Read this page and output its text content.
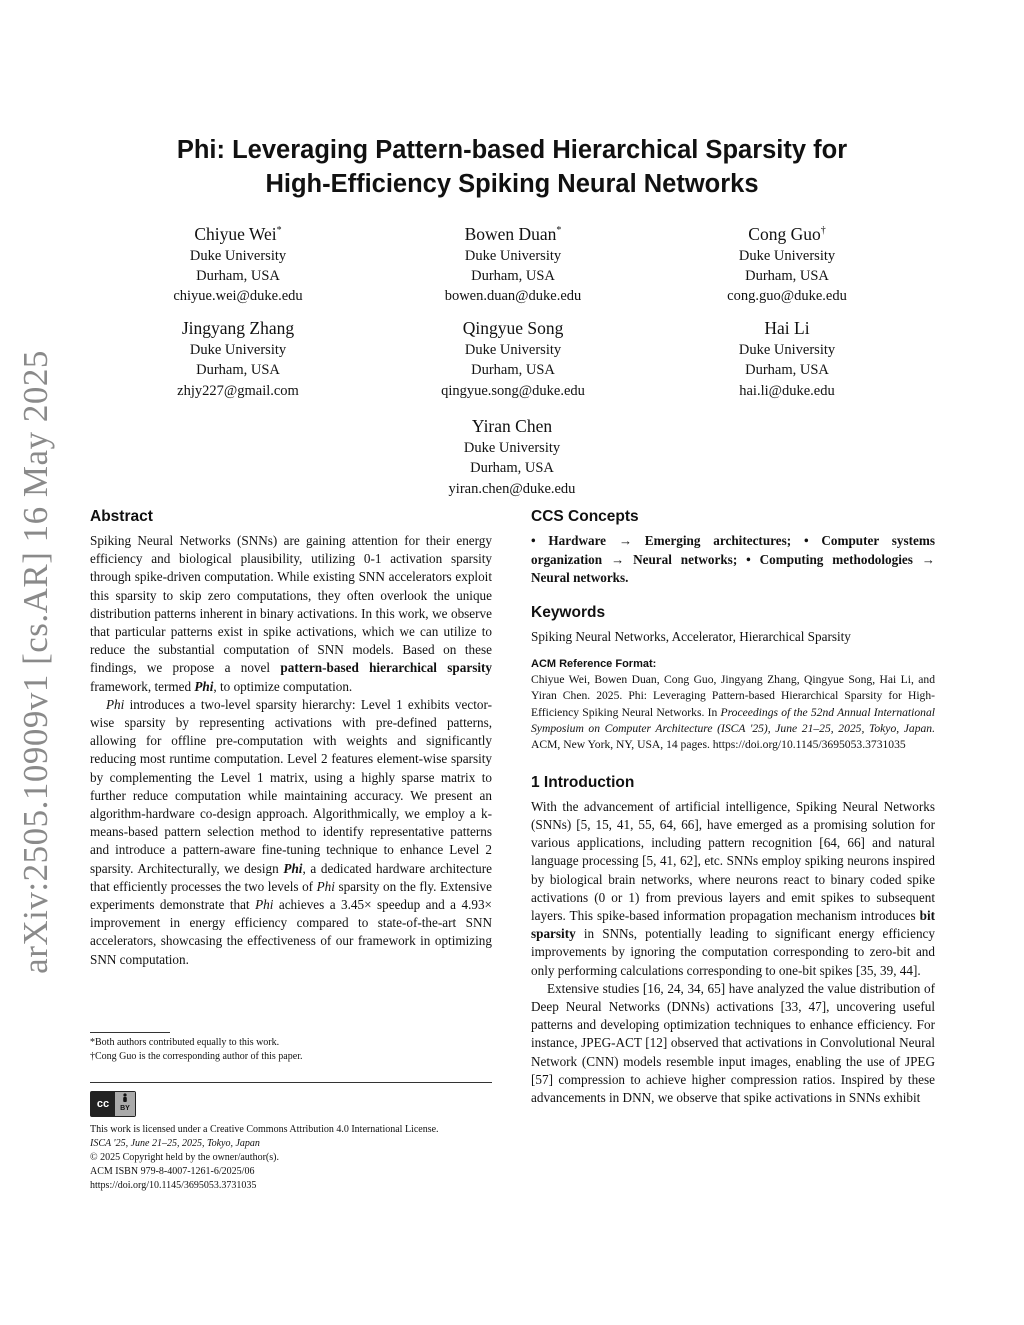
arXiv:2505.10909v1 [cs.AR] 16 May 2025
Phi: Leveraging Pattern-based Hierarchical Sparsity for
High-Efficiency Spiking Neural Networks
Chiyue Wei*
Duke University
Durham, USA
chiyue.wei@duke.edu
Bowen Duan*
Duke University
Durham, USA
bowen.duan@duke.edu
Cong Guo†
Duke University
Durham, USA
cong.guo@duke.edu
Jingyang Zhang
Duke University
Durham, USA
zhjy227@gmail.com
Qingyue Song
Duke University
Durham, USA
qingyue.song@duke.edu
Hai Li
Duke University
Durham, USA
hai.li@duke.edu
Yiran Chen
Duke University
Durham, USA
yiran.chen@duke.edu
Abstract

Spiking Neural Networks (SNNs) are gaining attention for their energy efficiency and biological plausibility, utilizing 0-1 activation sparsity through spike-driven computation. While existing SNN accelerators exploit this sparsity to skip zero computations, they often overlook the unique distribution patterns inherent in binary activations. In this work, we observe that particular patterns exist in spike activations, which we can utilize to reduce the substantial computation of SNN models. Based on these findings, we propose a novel pattern-based hierarchical sparsity framework, termed Phi, to optimize computation.

Phi introduces a two-level sparsity hierarchy: Level 1 exhibits vector-wise sparsity by representing activations with pre-defined patterns, allowing for offline pre-computation with weights and significantly reducing most runtime computation. Level 2 features element-wise sparsity by complementing the Level 1 matrix, using a highly sparse matrix to further reduce computation while maintaining accuracy. We present an algorithm-hardware co-design approach. Algorithmically, we employ a k-means-based pattern selection method to identify representative patterns and introduce a pattern-aware fine-tuning technique to enhance Level 2 sparsity. Architecturally, we design Phi, a dedicated hardware architecture that efficiently processes the two levels of Phi sparsity on the fly. Extensive experiments demonstrate that Phi achieves a 3.45× speedup and a 4.93× improvement in energy efficiency compared to state-of-the-art SNN accelerators, showcasing the effectiveness of our framework in optimizing SNN computation.

*Both authors contributed equally to this work.
†Cong Guo is the corresponding author of this paper.
cc BY
This work is licensed under a Creative Commons Attribution 4.0 International License.
ISCA '25, June 21–25, 2025, Tokyo, Japan
© 2025 Copyright held by the owner/author(s).
ACM ISBN 979-8-4007-1261-6/2025/06
https://doi.org/10.1145/3695053.3731035
CCS Concepts

• Hardware → Emerging architectures; • Computer systems organization → Neural networks; • Computing methodologies → Neural networks.

Keywords

Spiking Neural Networks, Accelerator, Hierarchical Sparsity

ACM Reference Format:

Chiyue Wei, Bowen Duan, Cong Guo, Jingyang Zhang, Qingyue Song, Hai Li, and Yiran Chen. 2025. Phi: Leveraging Pattern-based Hierarchical Sparsity for High-Efficiency Spiking Neural Networks. In Proceedings of the 52nd Annual International Symposium on Computer Architecture (ISCA '25), June 21–25, 2025, Tokyo, Japan. ACM, New York, NY, USA, 14 pages. https://doi.org/10.1145/3695053.3731035

1 Introduction

With the advancement of artificial intelligence, Spiking Neural Networks (SNNs) [5, 15, 41, 55, 64, 66], have emerged as a promising solution for various applications, including pattern recognition [64, 66] and natural language processing [5, 41, 62], etc. SNNs employ spiking neurons inspired by biological brain networks, where neurons react to binary coded spike activations (0 or 1) from previous layers and emit spikes to subsequent layers. This spike-based information propagation mechanism introduces bit sparsity in SNNs, potentially leading to significant energy efficiency improvements by ignoring the computation corresponding to zero-bit and only performing calculations corresponding to one-bit spikes [35, 39, 44].

Extensive studies [16, 24, 34, 65] have analyzed the value distribution of Deep Neural Networks (DNNs) activations [33, 47], uncovering useful patterns and developing optimization techniques to enhance efficiency. For instance, JPEG-ACT [12] observed that activations in Convolutional Neural Network (CNN) models resemble input images, enabling the use of JPEG [57] compression to achieve higher compression ratios. Inspired by these advancements in DNN, we observe that spike activations in SNNs exhibit
